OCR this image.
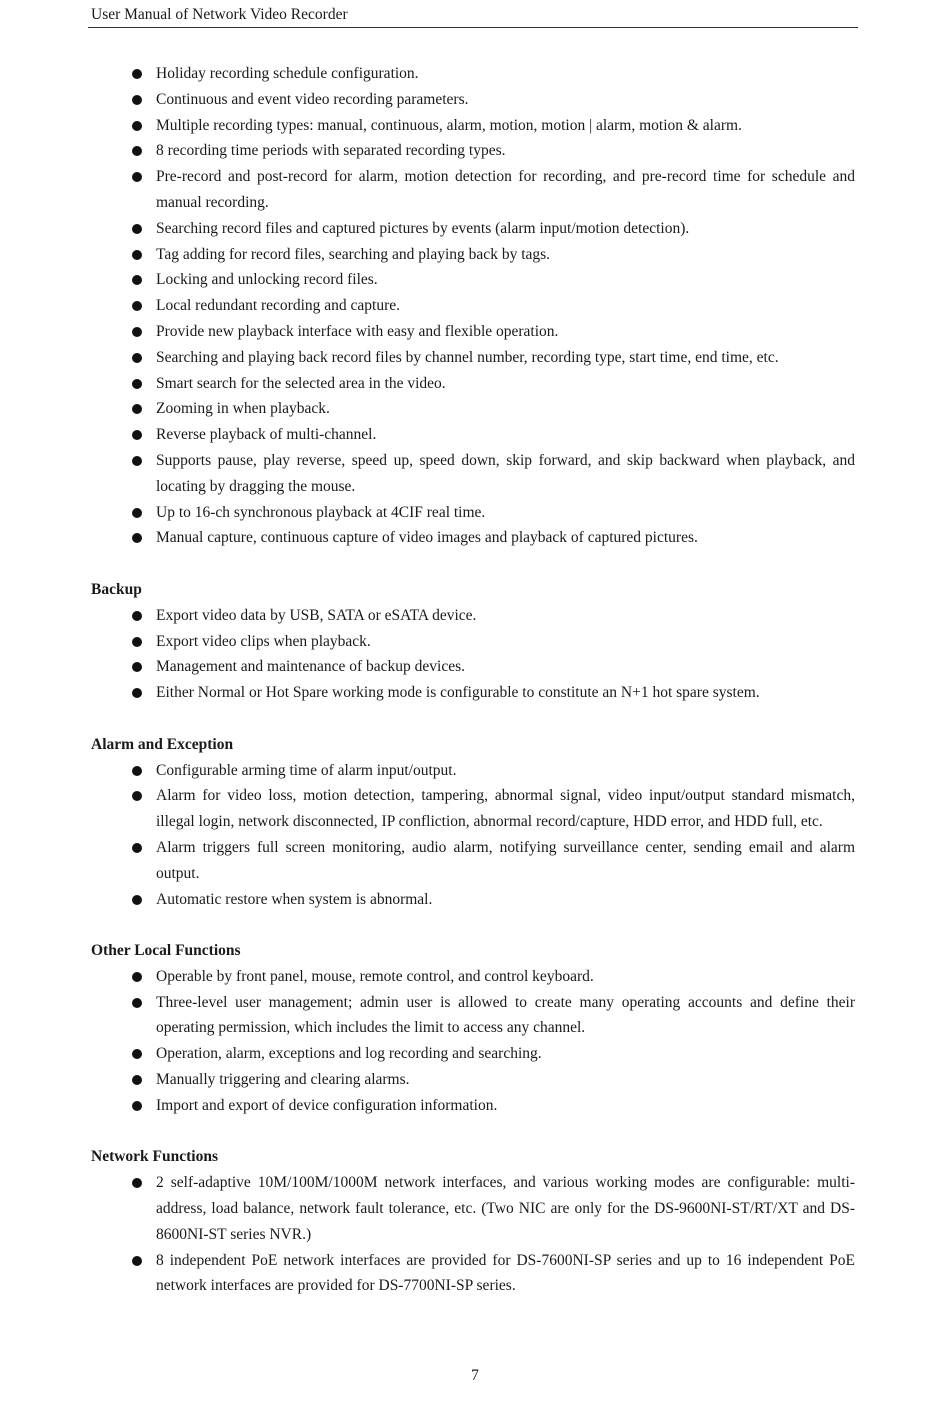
User Manual of Network Video Recorder
Holiday recording schedule configuration.
Continuous and event video recording parameters.
Multiple recording types: manual, continuous, alarm, motion, motion | alarm, motion & alarm.
8 recording time periods with separated recording types.
Pre-record and post-record for alarm, motion detection for recording, and pre-record time for schedule and manual recording.
Searching record files and captured pictures by events (alarm input/motion detection).
Tag adding for record files, searching and playing back by tags.
Locking and unlocking record files.
Local redundant recording and capture.
Provide new playback interface with easy and flexible operation.
Searching and playing back record files by channel number, recording type, start time, end time, etc.
Smart search for the selected area in the video.
Zooming in when playback.
Reverse playback of multi-channel.
Supports pause, play reverse, speed up, speed down, skip forward, and skip backward when playback, and locating by dragging the mouse.
Up to 16-ch synchronous playback at 4CIF real time.
Manual capture, continuous capture of video images and playback of captured pictures.
Backup
Export video data by USB, SATA or eSATA device.
Export video clips when playback.
Management and maintenance of backup devices.
Either Normal or Hot Spare working mode is configurable to constitute an N+1 hot spare system.
Alarm and Exception
Configurable arming time of alarm input/output.
Alarm for video loss, motion detection, tampering, abnormal signal, video input/output standard mismatch, illegal login, network disconnected, IP confliction, abnormal record/capture, HDD error, and HDD full, etc.
Alarm triggers full screen monitoring, audio alarm, notifying surveillance center, sending email and alarm output.
Automatic restore when system is abnormal.
Other Local Functions
Operable by front panel, mouse, remote control, and control keyboard.
Three-level user management; admin user is allowed to create many operating accounts and define their operating permission, which includes the limit to access any channel.
Operation, alarm, exceptions and log recording and searching.
Manually triggering and clearing alarms.
Import and export of device configuration information.
Network Functions
2 self-adaptive 10M/100M/1000M network interfaces, and various working modes are configurable: multi-address, load balance, network fault tolerance, etc. (Two NIC are only for the DS-9600NI-ST/RT/XT and DS-8600NI-ST series NVR.)
8 independent PoE network interfaces are provided for DS-7600NI-SP series and up to 16 independent PoE network interfaces are provided for DS-7700NI-SP series.
7
